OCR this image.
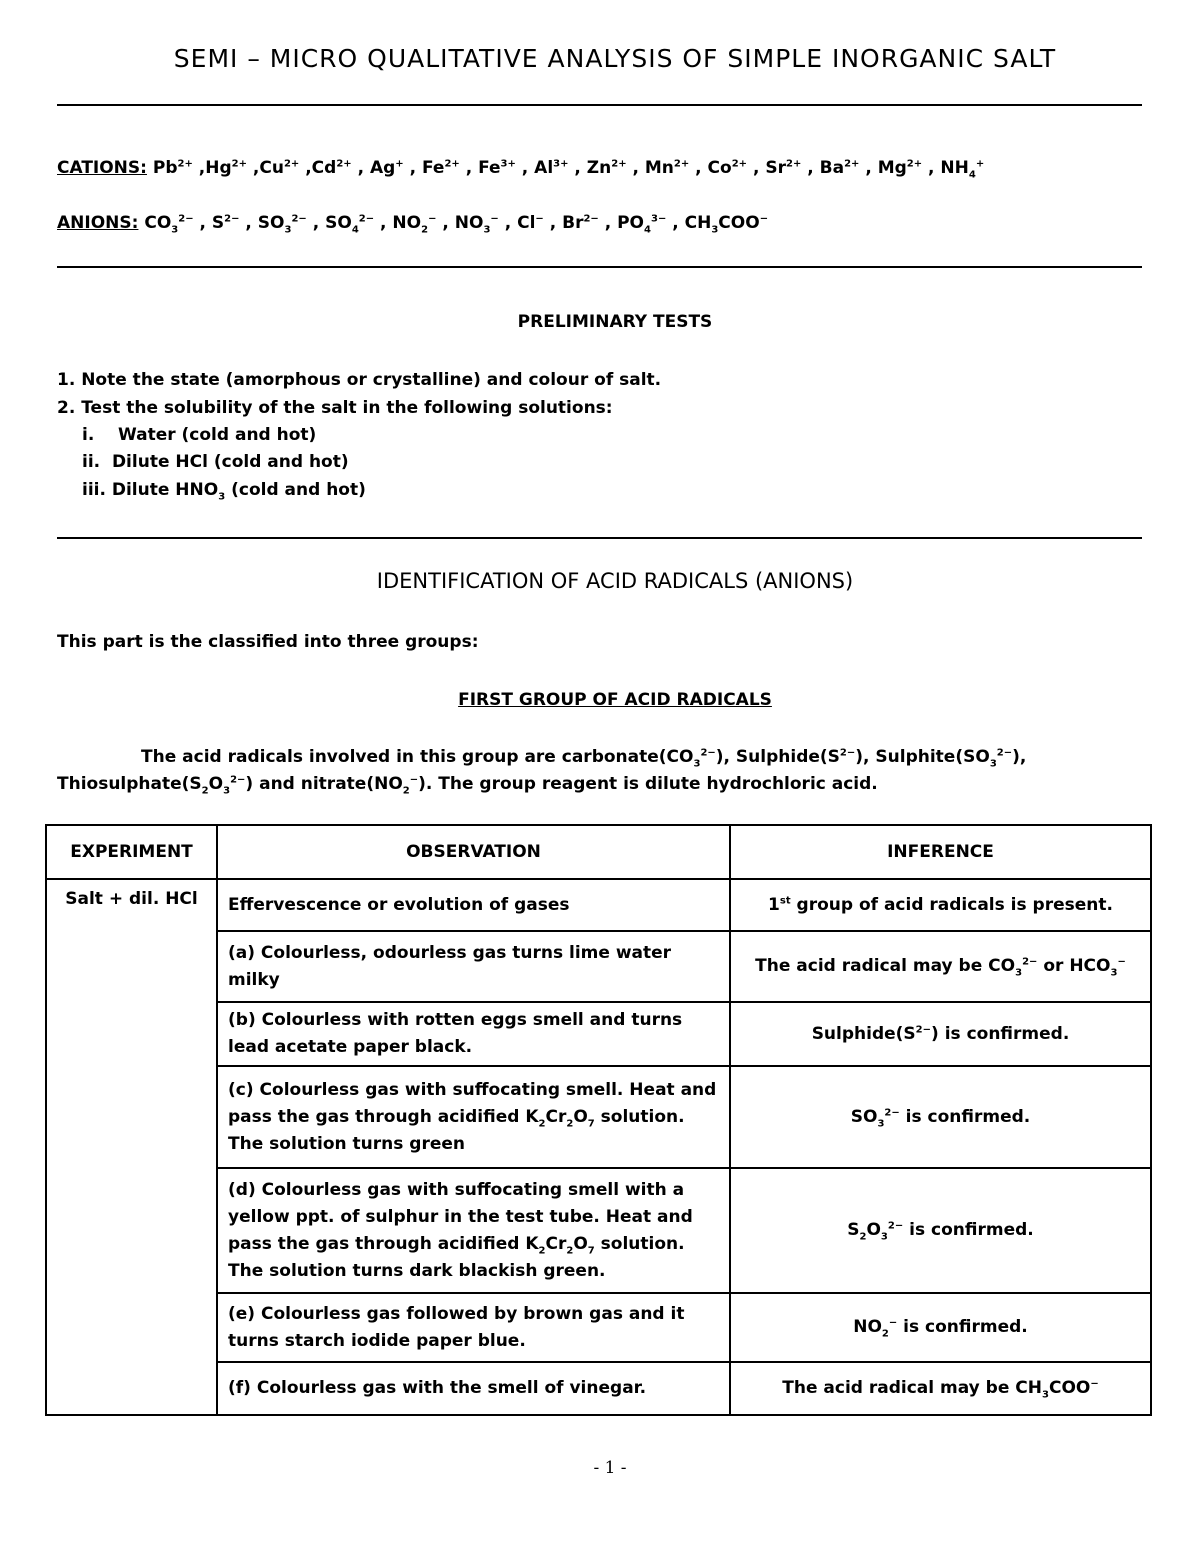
SEMI – MICRO QUALITATIVE ANALYSIS OF SIMPLE INORGANIC SALT
CATIONS: $Pb^{2+}$ $,Hg^{2+}$ $,Cu^{2+}$ $,Cd^{2+}$ , Ag+ , $Fe^{2+}$ , $Fe^{3+}$ , $Al^{3+}$ , $Zn^{2+}$ , $Mn^{2+}$ , $Co^{2+}$ , $Sr^{2+}$ , $Ba^{2+}$ , $Mg^{2+}$ , $NH_4^+$
ANIONS: $CO_3^{2-}$ , $S^{2-}$ , $SO_3^{2-}$ , $SO_4^{2-}$ , $NO_2^-$ , $NO_3^-$ , Cl− , $Br^{2-}$ , $PO_4^{3-}$ , $CH_3COO^-$
PRELIMINARY TESTS
1. Note the state (amorphous or crystalline) and colour of salt.
2. Test the solubility of the salt in the following solutions:
i.    Water (cold and hot)
ii.  Dilute HCl (cold and hot)
iii. Dilute $HNO_3$ (cold and hot)
IDENTIFICATION OF ACID RADICALS (ANIONS)
This part is the classified into three groups:
FIRST GROUP OF ACID RADICALS
The acid radicals involved in this group are $carbonate(CO_3^{2-})$, $Sulphide(S^{2-})$, $Sulphite(SO_3^{2-})$,
$Thiosulphate(S_2O_3^{2-})$ and $nitrate(NO_2^-)$. The group reagent is dilute hydrochloric acid.
EXPERIMENT	OBSERVATION	INFERENCE
Salt + dil. HCl	Effervescence or evolution of gases	1st group of acid radicals is present.
	(a) Colourless, odourless gas turns lime water milky	The acid radical may be $CO_3^{2-}$ or $HCO_3^-$
	(b) Colourless with rotten eggs smell and turns lead acetate paper black.	$Sulphide(S^{2-})$ is confirmed.
	(c) Colourless gas with suffocating smell. Heat and pass the gas through acidified $K_2Cr_2O_7$ solution. The solution turns green	$SO_3^{2-}$ is confirmed.
	(d) Colourless gas with suffocating smell with a yellow ppt. of sulphur in the test tube. Heat and pass the gas through acidified $K_2Cr_2O_7$ solution. The solution turns dark blackish green.	$S_2O_3^{2-}$ is confirmed.
	(e) Colourless gas followed by brown gas and it turns starch iodide paper blue.	$NO_2^-$ is confirmed.
	(f) Colourless gas with the smell of vinegar.	The acid radical may be $CH_3COO^-$
- 1 -
